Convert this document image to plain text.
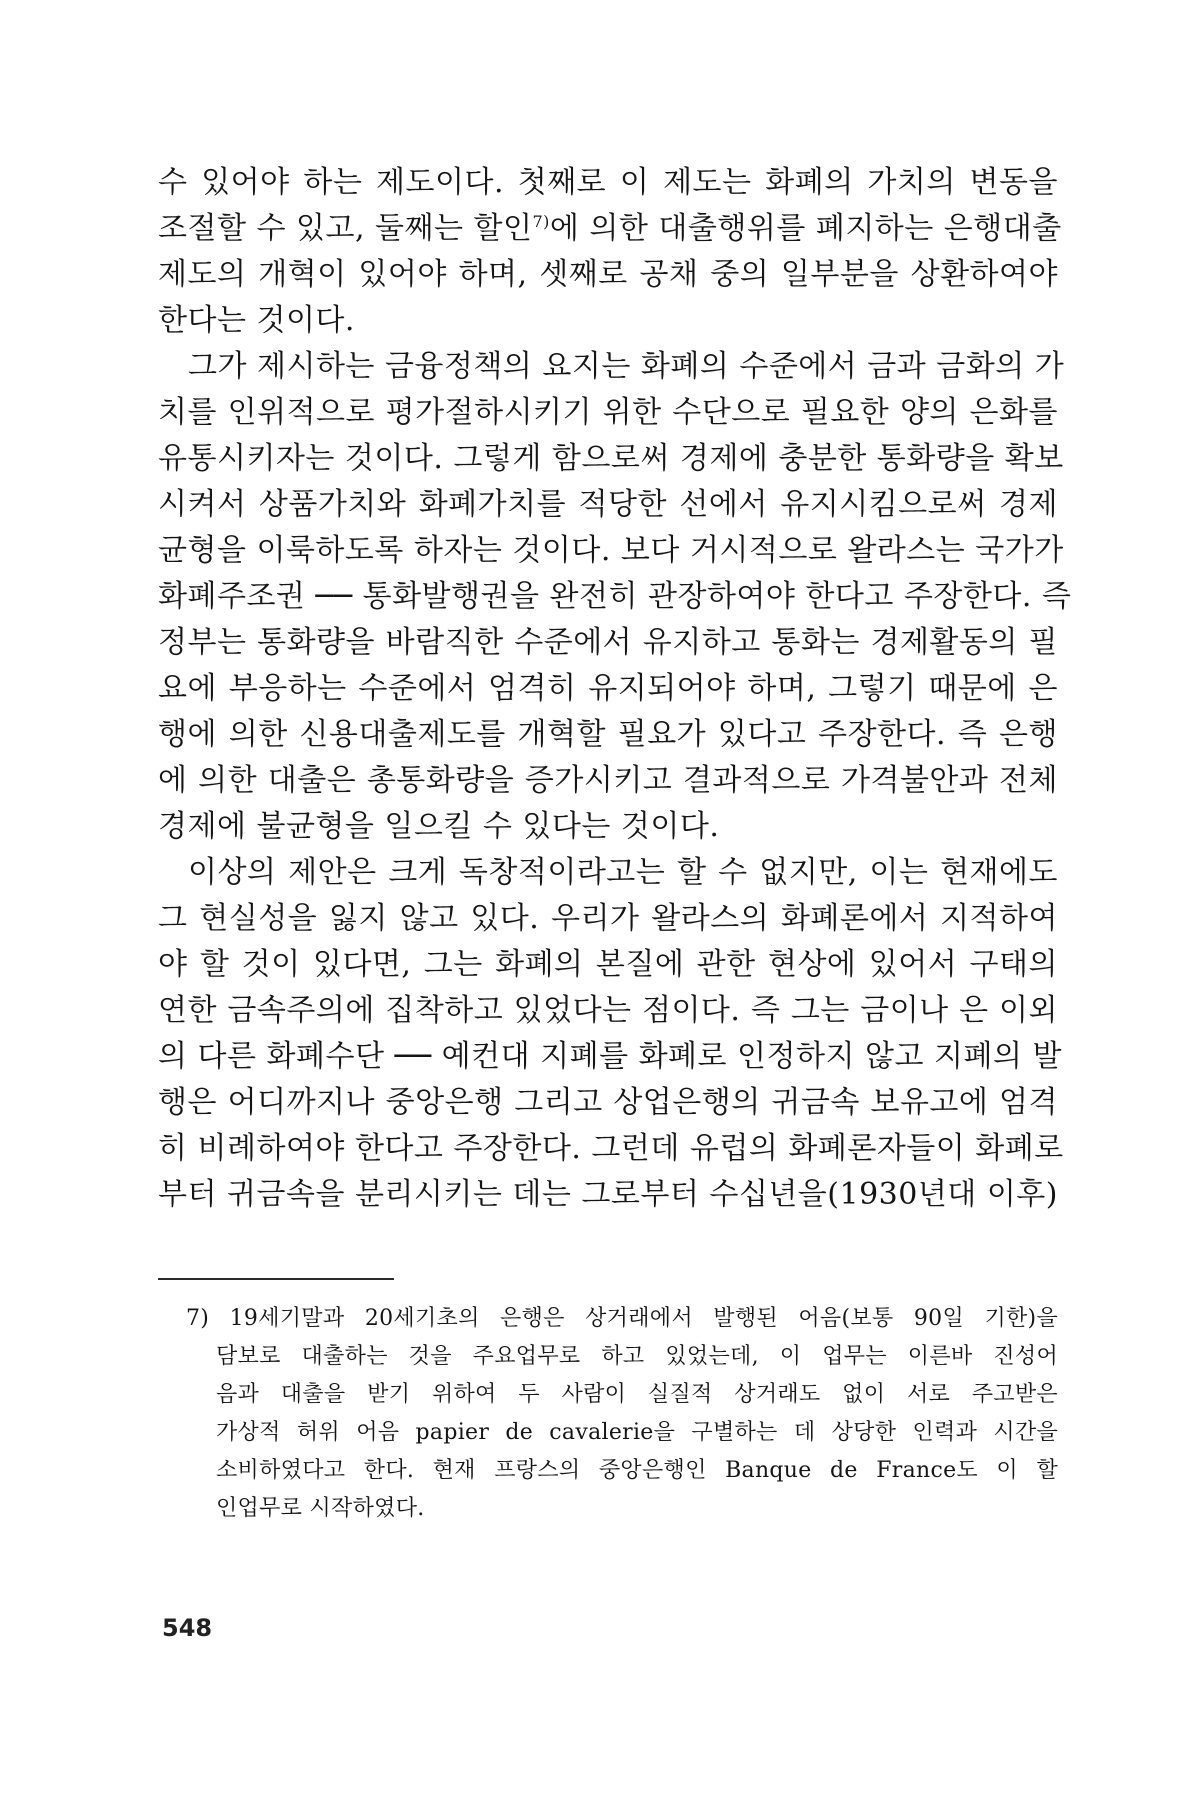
수 있어야 하는 제도이다. 첫째로 이 제도는 화폐의 가치의 변동을
조절할 수 있고, 둘째는 할인$^{7)}$에 의한 대출행위를 폐지하는 은행대출
제도의 개혁이 있어야 하며, 셋째로 공채 중의 일부분을 상환하여야
한다는 것이다.
그가 제시하는 금융정책의 요지는 화폐의 수준에서 금과 금화의 가
치를 인위적으로 평가절하시키기 위한 수단으로 필요한 양의 은화를
유통시키자는 것이다. 그렇게 함으로써 경제에 충분한 통화량을 확보
시켜서 상품가치와 화폐가치를 적당한 선에서 유지시킴으로써 경제
균형을 이룩하도록 하자는 것이다. 보다 거시적으로 왈라스는 국가가
화폐주조권 ── 통화발행권을 완전히 관장하여야 한다고 주장한다. 즉
정부는 통화량을 바람직한 수준에서 유지하고 통화는 경제활동의 필
요에 부응하는 수준에서 엄격히 유지되어야 하며, 그렇기 때문에 은
행에 의한 신용대출제도를 개혁할 필요가 있다고 주장한다. 즉 은행
에 의한 대출은 총통화량을 증가시키고 결과적으로 가격불안과 전체
경제에 불균형을 일으킬 수 있다는 것이다.
이상의 제안은 크게 독창적이라고는 할 수 없지만, 이는 현재에도
그 현실성을 잃지 않고 있다. 우리가 왈라스의 화폐론에서 지적하여
야 할 것이 있다면, 그는 화폐의 본질에 관한 현상에 있어서 구태의
연한 금속주의에 집착하고 있었다는 점이다. 즉 그는 금이나 은 이외
의 다른 화폐수단 ── 예컨대 지폐를 화폐로 인정하지 않고 지폐의 발
행은 어디까지나 중앙은행 그리고 상업은행의 귀금속 보유고에 엄격
히 비례하여야 한다고 주장한다. 그런데 유럽의 화폐론자들이 화폐로
부터 귀금속을 분리시키는 데는 그로부터 수십년을(1930년대 이후)
7) 19세기말과 20세기초의 은행은 상거래에서 발행된 어음(보통 90일 기한)을
담보로 대출하는 것을 주요업무로 하고 있었는데, 이 업무는 이른바 진성어
음과 대출을 받기 위하여 두 사람이 실질적 상거래도 없이 서로 주고받은
가상적 허위 어음 papier de cavalerie을 구별하는 데 상당한 인력과 시간을
소비하였다고 한다. 현재 프랑스의 중앙은행인 Banque de France도 이 할
인업무로 시작하였다.
548
